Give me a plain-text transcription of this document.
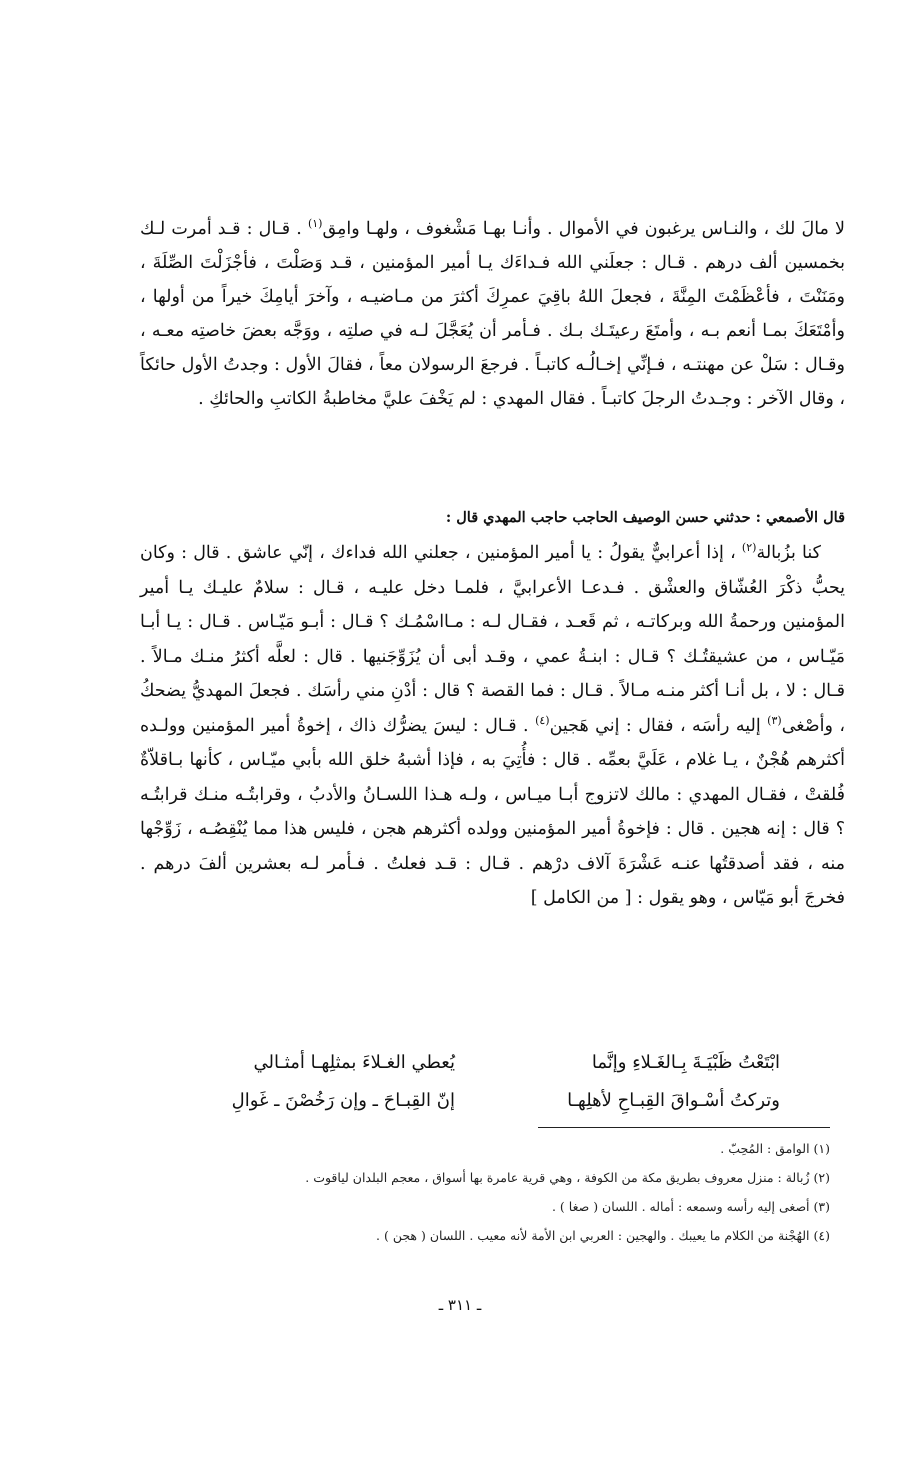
لا مالَ لك ، والنـاس يرغبون في الأموال . وأنـا بهـا مَشْغوف ، ولهـا وامِق$^{(١)}$ . قـال : قـد أمرت لـك بخمسين ألف درهم . قـال : جعلَني الله فـداءَك يـا أمير المؤمنين ، قـد وَصَلْتَ ، فأجْزَلْتَ الصِّلَةَ ، ومَنَنْتَ ، فأعْظَمْتَ المِنَّةَ ، فجعلَ اللهُ باقِيَ عمرِكَ أكثرَ من مـاضيـه ، وآخرَ أيامِكَ خيراً من أولها ، وأمْتَعَكَ بمـا أنعم بـه ، وأمتَعَ رعيتَـك بـك . فـأمر أن يُعَجَّلَ لـه في صلتِه ، ووَجَّه بعضَ خاصتِه معـه ، وقـال : سَلْ عن مهنتـه ، فـإنِّي إخـالُـه كاتبـاً . فرجعَ الرسولان معاً ، فقالَ الأول : وجدتُ الأول حائكاً ، وقال الآخر : وجـدتُ الرجلَ كاتبـاً . فقال المهدي : لم يَخْفَ عليَّ مخاطبةُ الكاتبِ والحائكِ .
قال الأصمعي : حدثني حسن الوصيف الحاجب حاجب المهدي قال :
كنا بزُبالة$^{(٢)}$ ، إذا أعرابيٌّ يقولُ : يا أمير المؤمنين ، جعلني الله فداءك ، إنّي عاشق . قال : وكان يحبُّ ذكْرَ العُشّاق والعشْق . فـدعـا الأعرابيَّ ، فلمـا دخل عليـه ، قـال : سلامٌ عليـك يـا أمير المؤمنين ورحمةُ الله وبركاتـه ، ثم قَعـد ، فقـال لـه : مـااسْمُـك ؟ قـال : أبـو مَيّـاس . قـال : يـا أبـا مَيّـاس ، من عشيقتُـك ؟ قـال : ابنـةُ عمي ، وقـد أبى أن يُزَوِّجَنيها . قال : لعلَّه أكثرُ منـك مـالاً . قـال : لا ، بل أنـا أكثر منـه مـالاً . قـال : فما القصة ؟ قال : أدْنِ مني رأسَك . فجعلَ المهديُّ يضحكُ ، وأصْغى$^{(٣)}$ إليه رأسَه ، فقال : إني هَجين$^{(٤)}$ . قـال : ليسَ يضرُّك ذاك ، إخوةُ أمير المؤمنين وولـده أكثرهم هُجْنٌ ، يـا غلام ، عَلَيَّ بعمِّه . قال : فأُتِيَ به ، فإذا أشبهُ خلق الله بأبي ميّـاس ، كأنها بـاقلاّةٌ فُلقتْ ، فقـال المهدي : مالك لاتزوج أبـا ميـاس ، ولـه هـذا اللسـانُ والأدبُ ، وقرابتُـه منـك قرابتُـه ؟ قال : إنه هجين . قال : فإخوةُ أمير المؤمنين وولده أكثرهم هجن ، فليس هذا مما يُنْقِصُـه ، زَوِّجْها منه ، فقد أصدقتُها عنـه عَشْرَةَ آلاف درْهم . قـال : قـد فعلتُ . فـأمر لـه بعشرين ألفَ درهم . فخرجَ أبو مَيّاس ، وهو يقول : [ من الكامل ]
ابْتَعْتُ ظَبْيَـةَ بِـالغَـلاءِ وإنَّما
يُعطي الغـلاءَ بمثلِهـا أمثـالي
وتركتُ أسْـواقَ القِبـاحِ لأهلِهـا
إنّ القِبـاحَ ـ وإن رَخُصْنَ ـ غَوالِ
(١) الوامق : المُحِبّ .
(٢) زُبالة : منزل معروف بطريق مكة من الكوفة ، وهي قرية عامرة بها أسواق ، معجم البلدان لياقوت .
(٣) أصغى إليه رأسه وسمعه : أماله . اللسان ( صغا ) .
(٤) الهُجْنة من الكلام ما يعيبك . والهجين : العربي ابن الأمة لأنه معيب . اللسان ( هجن ) .
ـ ٣١١ ـ
